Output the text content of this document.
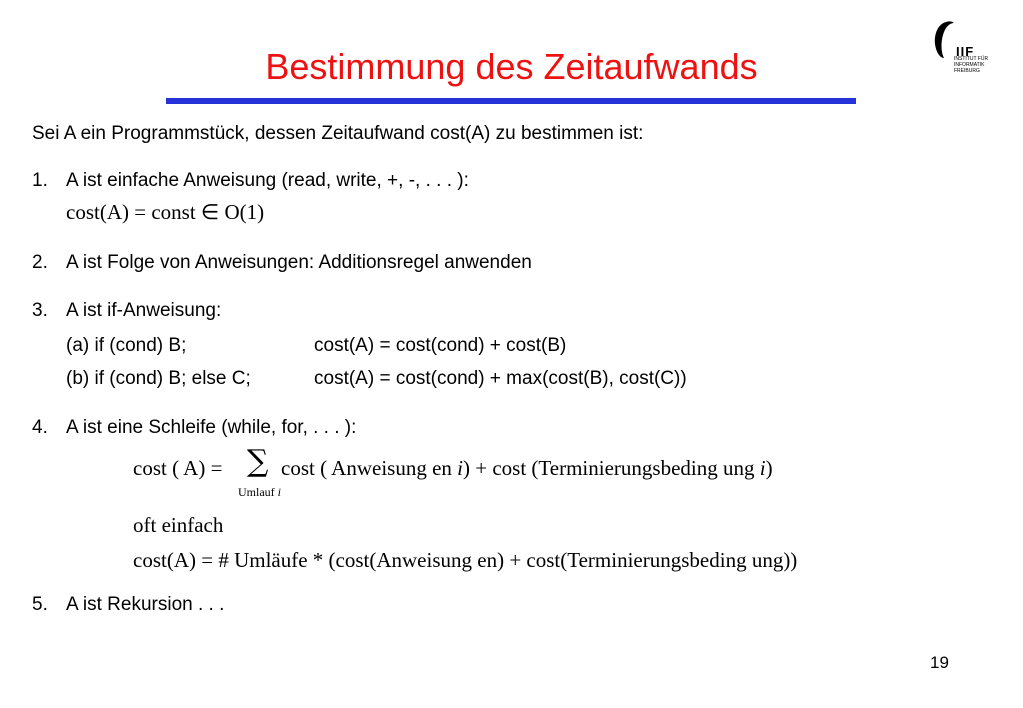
Bestimmung des Zeitaufwands	IIF
INSTITUT FÜR
INFORMATIK
FREIBURG
Sei A ein Programmstück, dessen Zeitaufwand cost(A) zu bestimmen ist:
1. A ist einfache Anweisung (read, write, +, -, . . . ):
cost(A) = const ∈ O(1)
2. A ist Folge von Anweisungen: Additionsregel anwenden
3. A ist if-Anweisung:
(a) if (cond) B;	cost(A) = cost(cond) + cost(B)
(b) if (cond) B; else C;	cost(A) = cost(cond) + max(cost(B), cost(C))
4. A ist eine Schleife (while, for, . . . ):
cost ( A) = ∑
Umlauf i
cost ( Anweisung en i) + cost (Terminierungsbeding ung i)
oft einfach
cost(A) = # Umläufe * (cost(Anweisung en) + cost(Terminierungsbeding ung))
5. A ist Rekursion . . .
19
